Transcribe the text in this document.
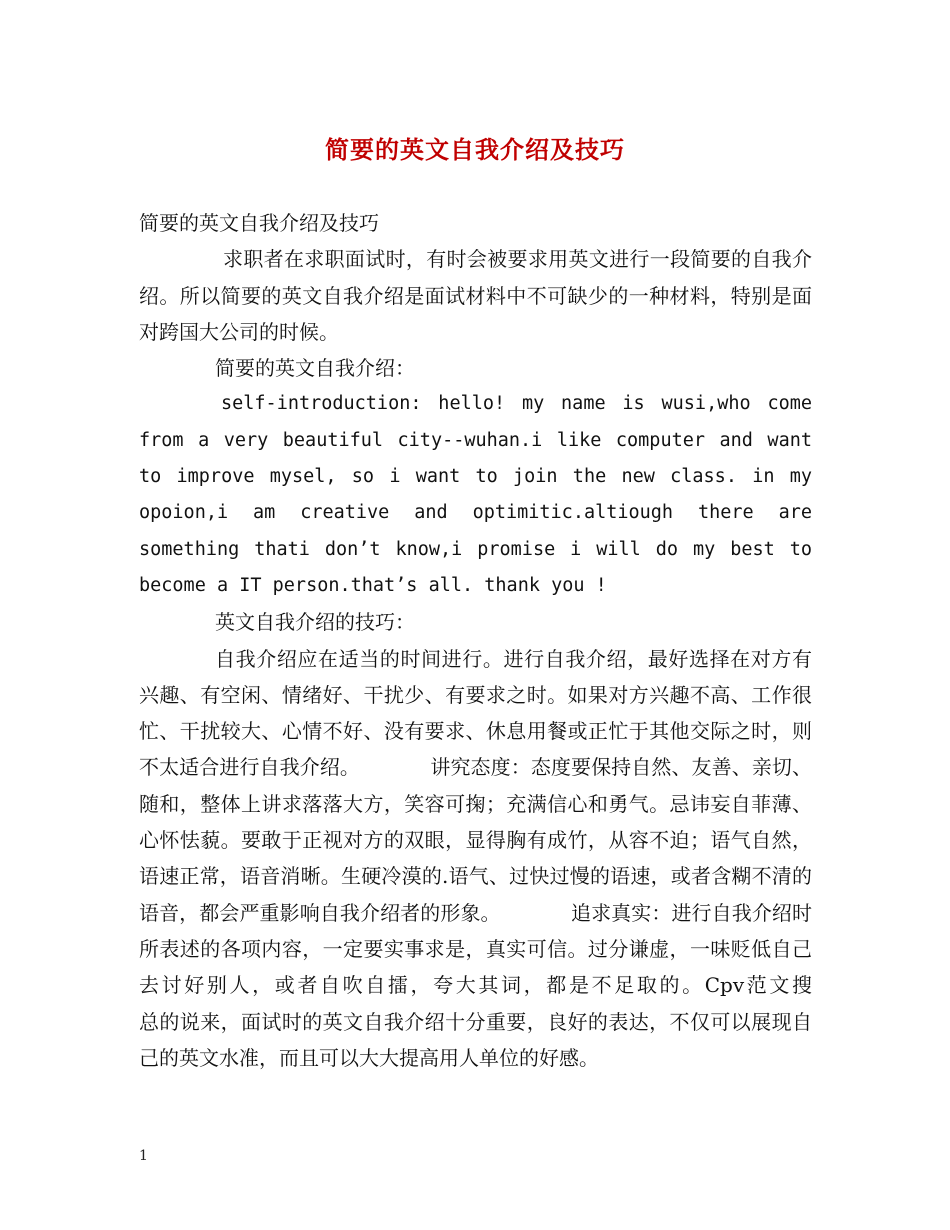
简要的英文自我介绍及技巧

简要的英文自我介绍及技巧

求职者在求职面试时，有时会被要求用英文进行一段简要的自我介绍。所以简要的英文自我介绍是面试材料中不可缺少的一种材料，特别是面对跨国大公司的时候。

简要的英文自我介绍：

self-introduction: hello! my name is wusi,who come from a very beautiful city--wuhan.i like computer and want to improve mysel, so i want to join the new class. in my opoion,i am creative and optimitic.altiough there are something thati don’t know,i promise i will do my best to become a IT person.that’s all. thank you !

英文自我介绍的技巧：

自我介绍应在适当的时间进行。进行自我介绍，最好选择在对方有兴趣、有空闲、情绪好、干扰少、有要求之时。如果对方兴趣不高、工作很忙、干扰较大、心情不好、没有要求、休息用餐或正忙于其他交际之时，则不太适合进行自我介绍。　　　　讲究态度：态度要保持自然、友善、亲切、随和，整体上讲求落落大方，笑容可掬；充满信心和勇气。忌讳妄自菲薄、心怀怯藐。要敢于正视对方的双眼，显得胸有成竹，从容不迫；语气自然，语速正常，语音消晰。生硬冷漠的.语气、过快过慢的语速，或者含糊不清的语音，都会严重影响自我介绍者的形象。　　　　追求真实：进行自我介绍时所表述的各项内容，一定要实事求是，真实可信。过分谦虚，一味贬低自己去讨好别人，或者自吹自擂，夸大其词，都是不足取的。Cpv范文搜　　　　总的说来，面试时的英文自我介绍十分重要，良好的表达，不仅可以展现自己的英文水准，而且可以大大提高用人单位的好感。

1
